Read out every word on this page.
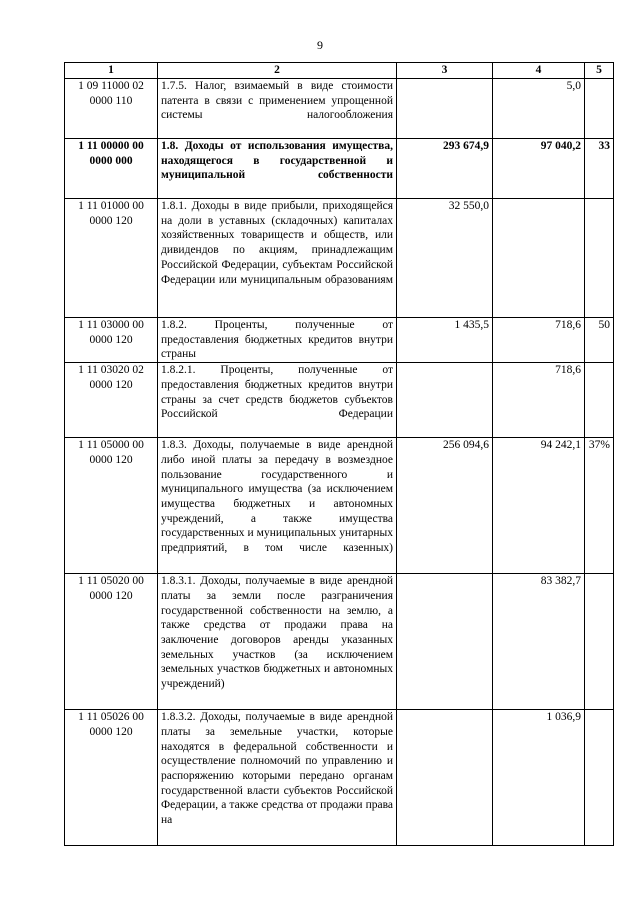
9
1	2	3	4	5
1 09 11000 02
0000 110	1.7.5. Налог, взимаемый в виде стоимости патента в связи с применением упрощенной системы налогообложения		5,0	
1 11 00000 00
0000 000	1.8. Доходы от использования имущества, находящегося в государственной и муниципальной собственности	293 674,9	97 040,2	33
1 11 01000 00
0000 120	1.8.1. Доходы в виде прибыли, приходящейся на доли в уставных (складочных) капиталах хозяйственных товариществ и обществ, или дивидендов по акциям, принадлежащим Российской Федерации, субъектам Российской Федерации или муниципальным образованиям	32 550,0		
1 11 03000 00
0000 120	1.8.2. Проценты, полученные от предоставления бюджетных кредитов внутри страны	1 435,5	718,6	50
1 11 03020 02
0000 120	1.8.2.1. Проценты, полученные от предоставления бюджетных кредитов внутри страны за счет средств бюджетов субъектов Российской Федерации		718,6	
1 11 05000 00
0000 120	1.8.3. Доходы, получаемые в виде арендной либо иной платы за передачу в возмездное пользование государственного и муниципального имущества (за исключением имущества бюджетных и автономных учреждений, а также имущества государственных и муниципальных унитарных предприятий, в том числе казенных)	256 094,6	94 242,1	37%
1 11 05020 00
0000 120	1.8.3.1. Доходы, получаемые в виде арендной платы за земли после разграничения государственной собственности на землю, а также средства от продажи права на заключение договоров аренды указанных земельных участков (за исключением земельных участков бюджетных и автономных учреждений)		83 382,7	
1 11 05026 00
0000 120	1.8.3.2. Доходы, получаемые в виде арендной платы за земельные участки, которые находятся в федеральной собственности и осуществление полномочий по управлению и распоряжению которыми передано органам государственной власти субъектов Российской Федерации, а также средства от продажи права на		1 036,9	
